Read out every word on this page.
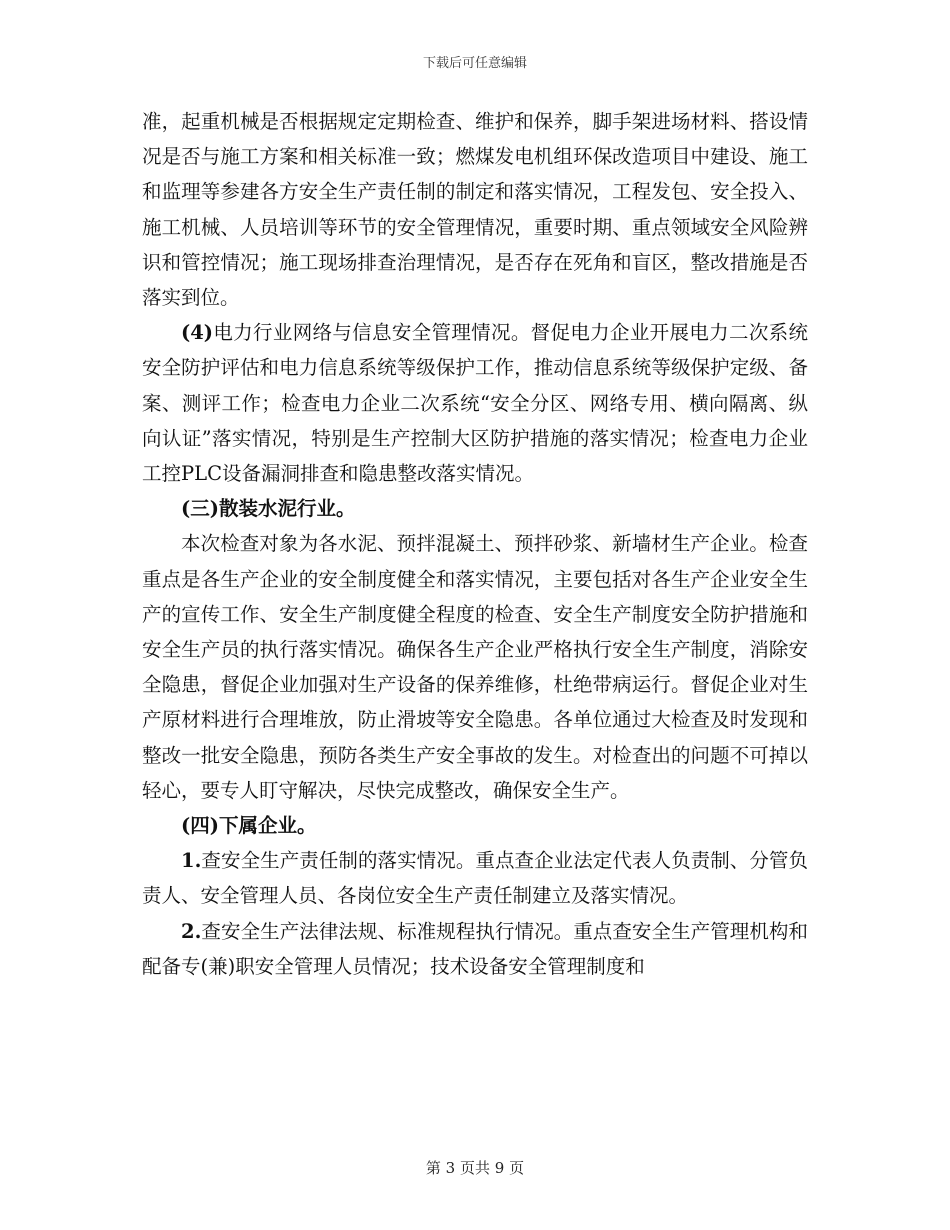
下载后可任意编辑

准，起重机械是否根据规定定期检查、维护和保养，脚手架进场材料、搭设情况是否与施工方案和相关标准一致；燃煤发电机组环保改造项目中建设、施工和监理等参建各方安全生产责任制的制定和落实情况，工程发包、安全投入、施工机械、人员培训等环节的安全管理情况，重要时期、重点领域安全风险辨识和管控情况；施工现场排查治理情况，是否存在死角和盲区，整改措施是否落实到位。

(4)电力行业网络与信息安全管理情况。督促电力企业开展电力二次系统安全防护评估和电力信息系统等级保护工作，推动信息系统等级保护定级、备案、测评工作；检查电力企业二次系统“安全分区、网络专用、横向隔离、纵向认证”落实情况，特别是生产控制大区防护措施的落实情况；检查电力企业工控PLC设备漏洞排查和隐患整改落实情况。

(三)散装水泥行业。

本次检查对象为各水泥、预拌混凝土、预拌砂浆、新墙材生产企业。检查重点是各生产企业的安全制度健全和落实情况，主要包括对各生产企业安全生产的宣传工作、安全生产制度健全程度的检查、安全生产制度安全防护措施和安全生产员的执行落实情况。确保各生产企业严格执行安全生产制度，消除安全隐患，督促企业加强对生产设备的保养维修，杜绝带病运行。督促企业对生产原材料进行合理堆放，防止滑坡等安全隐患。各单位通过大检查及时发现和整改一批安全隐患，预防各类生产安全事故的发生。对检查出的问题不可掉以轻心，要专人盯守解决，尽快完成整改，确保安全生产。

(四)下属企业。

1.查安全生产责任制的落实情况。重点查企业法定代表人负责制、分管负责人、安全管理人员、各岗位安全生产责任制建立及落实情况。

2.查安全生产法律法规、标准规程执行情况。重点查安全生产管理机构和配备专(兼)职安全管理人员情况；技术设备安全管理制度和

第 3 页共 9 页
